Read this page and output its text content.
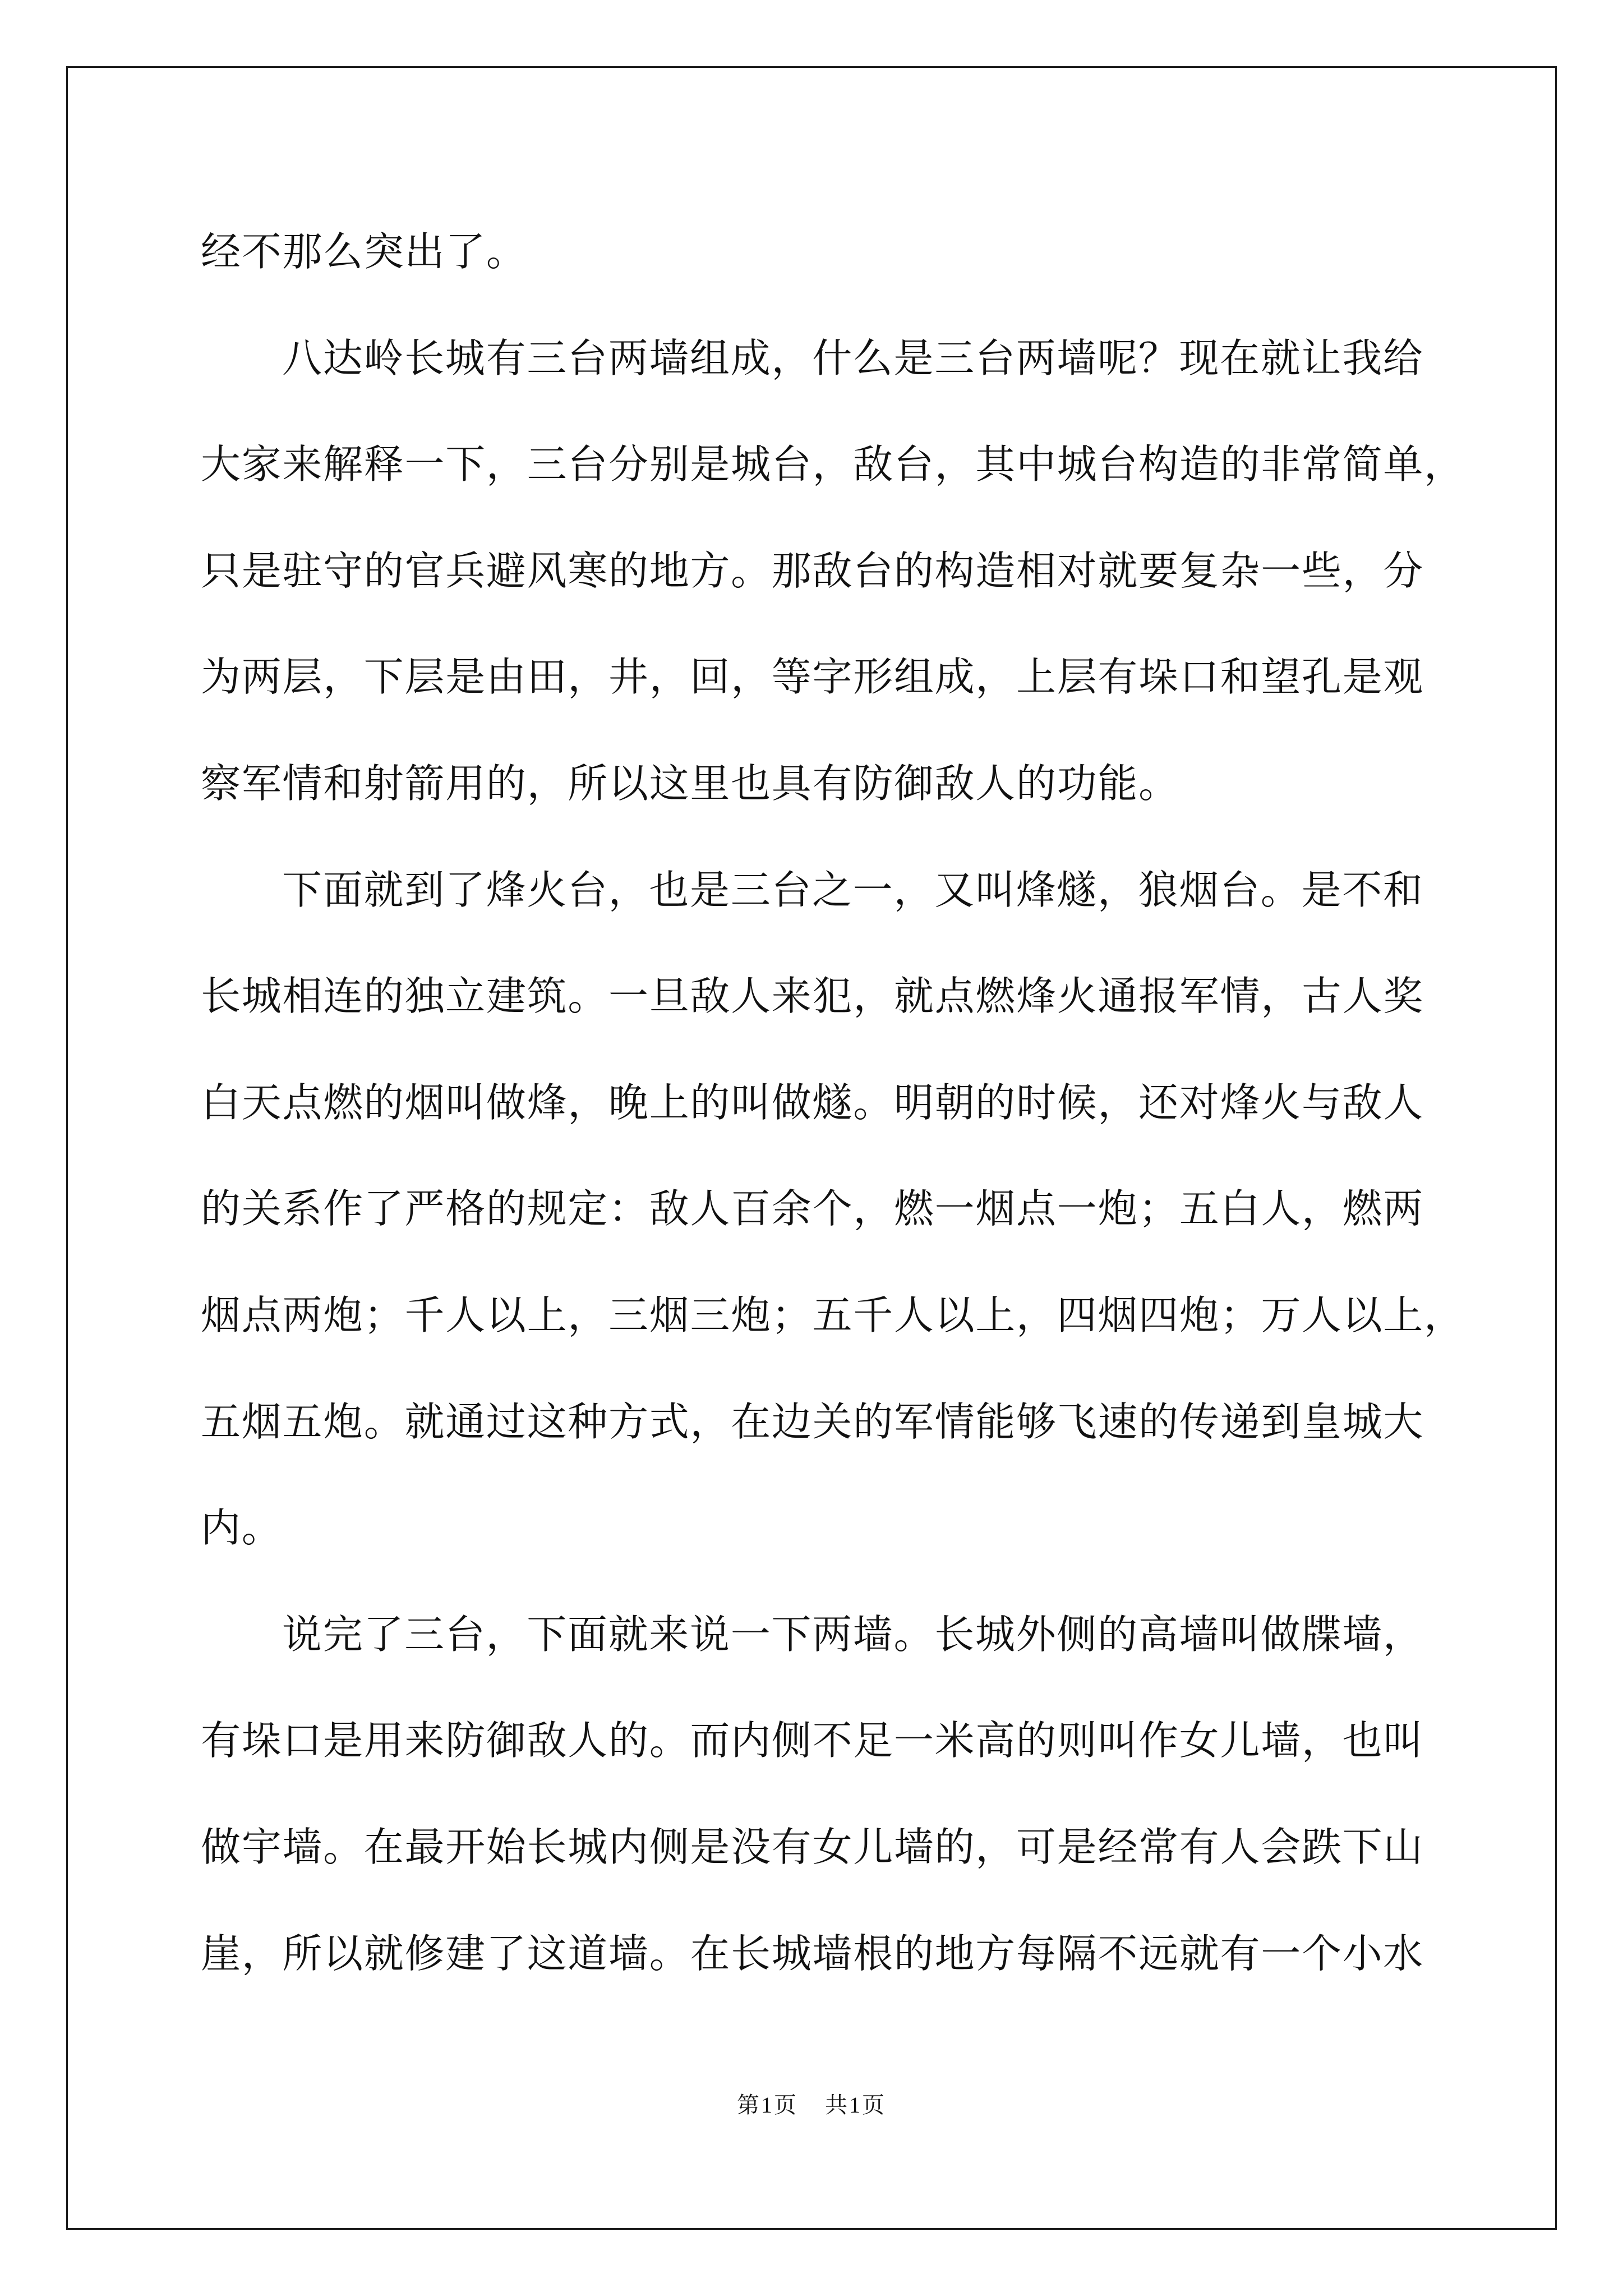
经不那么突出了。
八达岭长城有三台两墙组成，什么是三台两墙呢？现在就让我给
大家来解释一下，三台分别是城台，敌台，其中城台构造的非常简单，
只是驻守的官兵避风寒的地方。那敌台的构造相对就要复杂一些，分
为两层，下层是由田，井，回，等字形组成，上层有垛口和望孔是观
察军情和射箭用的，所以这里也具有防御敌人的功能。
下面就到了烽火台，也是三台之一，又叫烽燧，狼烟台。是不和
长城相连的独立建筑。一旦敌人来犯，就点燃烽火通报军情，古人奖
白天点燃的烟叫做烽，晚上的叫做燧。明朝的时候，还对烽火与敌人
的关系作了严格的规定：敌人百余个，燃一烟点一炮；五白人，燃两
烟点两炮；千人以上，三烟三炮；五千人以上，四烟四炮；万人以上，
五烟五炮。就通过这种方式，在边关的军情能够飞速的传递到皇城大
内。
说完了三台，下面就来说一下两墙。长城外侧的高墙叫做牒墙，
有垛口是用来防御敌人的。而内侧不足一米高的则叫作女儿墙，也叫
做宇墙。在最开始长城内侧是没有女儿墙的，可是经常有人会跌下山
崖，所以就修建了这道墙。在长城墙根的地方每隔不远就有一个小水
第1页 共1页
